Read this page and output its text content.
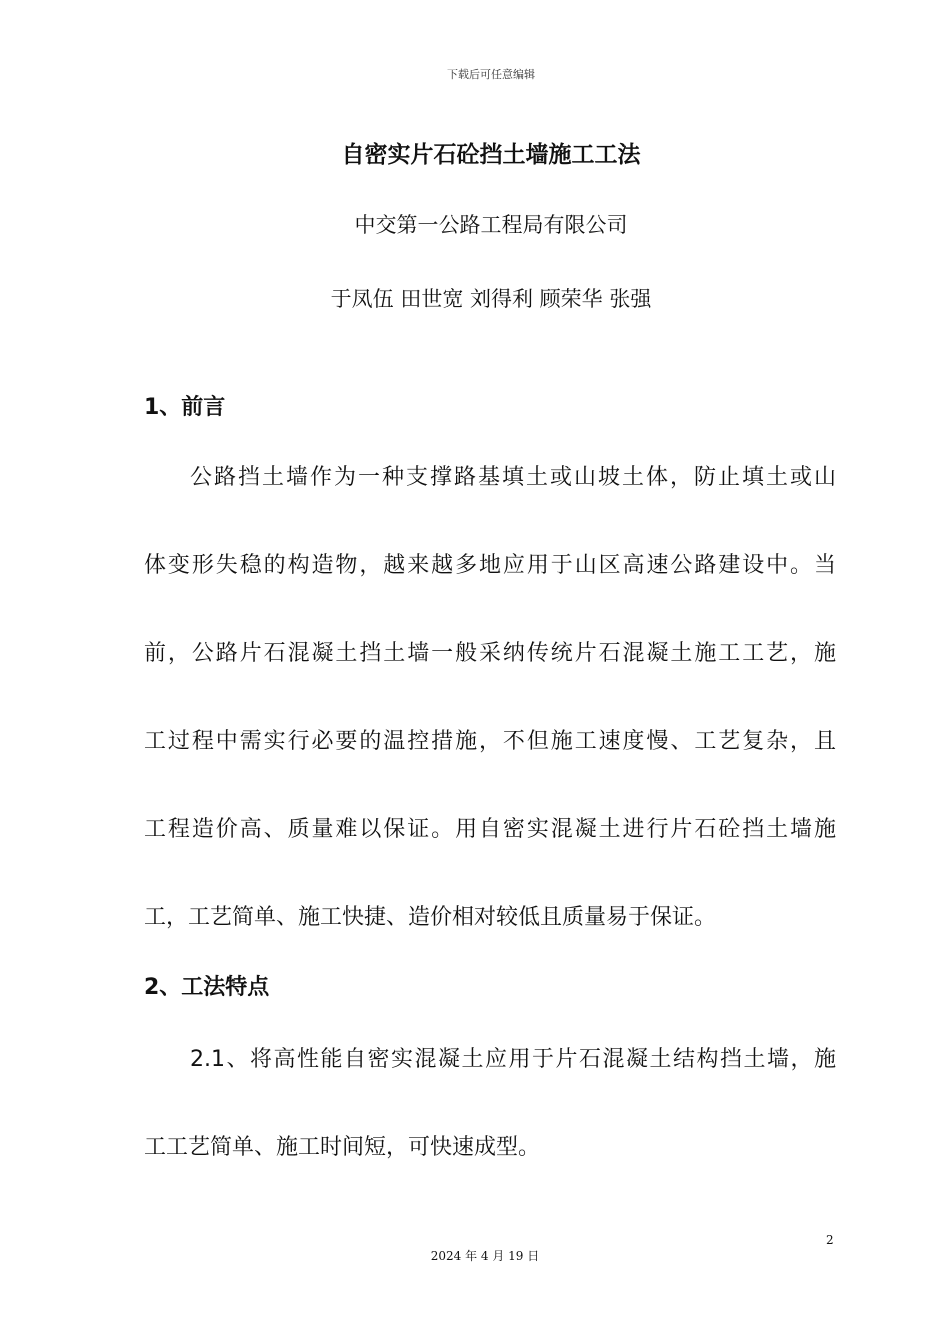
下载后可任意编辑
自密实片石砼挡土墙施工工法
中交第一公路工程局有限公司
于凤伍 田世宽 刘得利 顾荣华 张强
1、前言
公路挡土墙作为一种支撑路基填土或山坡土体，防止填土或山
体变形失稳的构造物，越来越多地应用于山区高速公路建设中。当
前，公路片石混凝土挡土墙一般采纳传统片石混凝土施工工艺，施
工过程中需实行必要的温控措施，不但施工速度慢、工艺复杂，且
工程造价高、质量难以保证。用自密实混凝土进行片石砼挡土墙施
工，工艺简单、施工快捷、造价相对较低且质量易于保证。
2、工法特点
2.1、将高性能自密实混凝土应用于片石混凝土结构挡土墙，施
工工艺简单、施工时间短，可快速成型。
2
2024 年 4 月 19 日
